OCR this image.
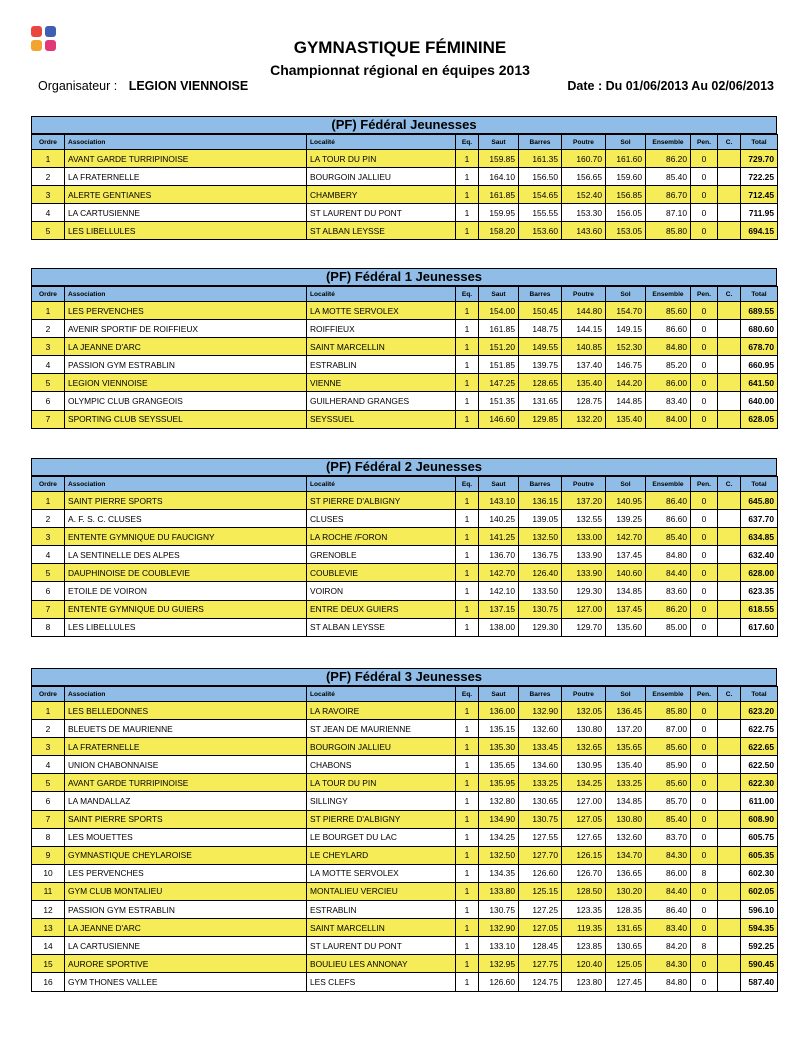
GYMNASTIQUE FÉMININE
Championnat régional en équipes 2013
Organisateur : LEGION VIENNOISE	Date : Du 01/06/2013 Au 02/06/2013
(PF) Fédéral Jeunesses
Ordre	Association	Localité	Eq.	Saut	Barres	Poutre	Sol	Ensemble	Pen.	C.	Total
1	AVANT GARDE TURRIPINOISE	LA TOUR DU PIN	1	159.85	161.35	160.70	161.60	86.20	0		729.70
2	LA FRATERNELLE	BOURGOIN JALLIEU	1	164.10	156.50	156.65	159.60	85.40	0		722.25
3	ALERTE GENTIANES	CHAMBERY	1	161.85	154.65	152.40	156.85	86.70	0		712.45
4	LA CARTUSIENNE	ST LAURENT DU PONT	1	159.95	155.55	153.30	156.05	87.10	0		711.95
5	LES LIBELLULES	ST ALBAN LEYSSE	1	158.20	153.60	143.60	153.05	85.80	0		694.15
(PF) Fédéral 1 Jeunesses
Ordre	Association	Localité	Eq.	Saut	Barres	Poutre	Sol	Ensemble	Pen.	C.	Total
1	LES PERVENCHES	LA MOTTE SERVOLEX	1	154.00	150.45	144.80	154.70	85.60	0		689.55
2	AVENIR SPORTIF DE ROIFFIEUX	ROIFFIEUX	1	161.85	148.75	144.15	149.15	86.60	0		680.60
3	LA JEANNE D'ARC	SAINT MARCELLIN	1	151.20	149.55	140.85	152.30	84.80	0		678.70
4	PASSION GYM ESTRABLIN	ESTRABLIN	1	151.85	139.75	137.40	146.75	85.20	0		660.95
5	LEGION VIENNOISE	VIENNE	1	147.25	128.65	135.40	144.20	86.00	0		641.50
6	OLYMPIC CLUB GRANGEOIS	GUILHERAND GRANGES	1	151.35	131.65	128.75	144.85	83.40	0		640.00
7	SPORTING CLUB SEYSSUEL	SEYSSUEL	1	146.60	129.85	132.20	135.40	84.00	0		628.05
(PF) Fédéral 2 Jeunesses
Ordre	Association	Localité	Eq.	Saut	Barres	Poutre	Sol	Ensemble	Pen.	C.	Total
1	SAINT PIERRE SPORTS	ST PIERRE D'ALBIGNY	1	143.10	136.15	137.20	140.95	86.40	0		645.80
2	A. F. S. C. CLUSES	CLUSES	1	140.25	139.05	132.55	139.25	86.60	0		637.70
3	ENTENTE GYMNIQUE DU FAUCIGNY	LA ROCHE /FORON	1	141.25	132.50	133.00	142.70	85.40	0		634.85
4	LA SENTINELLE DES ALPES	GRENOBLE	1	136.70	136.75	133.90	137.45	84.80	0		632.40
5	DAUPHINOISE DE COUBLEVIE	COUBLEVIE	1	142.70	126.40	133.90	140.60	84.40	0		628.00
6	ETOILE DE VOIRON	VOIRON	1	142.10	133.50	129.30	134.85	83.60	0		623.35
7	ENTENTE GYMNIQUE DU GUIERS	ENTRE DEUX GUIERS	1	137.15	130.75	127.00	137.45	86.20	0		618.55
8	LES LIBELLULES	ST ALBAN LEYSSE	1	138.00	129.30	129.70	135.60	85.00	0		617.60
(PF) Fédéral 3 Jeunesses
Ordre	Association	Localité	Eq.	Saut	Barres	Poutre	Sol	Ensemble	Pen.	C.	Total
1	LES BELLEDONNES	LA RAVOIRE	1	136.00	132.90	132.05	136.45	85.80	0		623.20
2	BLEUETS DE MAURIENNE	ST JEAN DE MAURIENNE	1	135.15	132.60	130.80	137.20	87.00	0		622.75
3	LA FRATERNELLE	BOURGOIN JALLIEU	1	135.30	133.45	132.65	135.65	85.60	0		622.65
4	UNION CHABONNAISE	CHABONS	1	135.65	134.60	130.95	135.40	85.90	0		622.50
5	AVANT GARDE TURRIPINOISE	LA TOUR DU PIN	1	135.95	133.25	134.25	133.25	85.60	0		622.30
6	LA MANDALLAZ	SILLINGY	1	132.80	130.65	127.00	134.85	85.70	0		611.00
7	SAINT PIERRE SPORTS	ST PIERRE D'ALBIGNY	1	134.90	130.75	127.05	130.80	85.40	0		608.90
8	LES MOUETTES	LE BOURGET DU LAC	1	134.25	127.55	127.65	132.60	83.70	0		605.75
9	GYMNASTIQUE CHEYLAROISE	LE CHEYLARD	1	132.50	127.70	126.15	134.70	84.30	0		605.35
10	LES PERVENCHES	LA MOTTE SERVOLEX	1	134.35	126.60	126.70	136.65	86.00	8		602.30
11	GYM CLUB MONTALIEU	MONTALIEU VERCIEU	1	133.80	125.15	128.50	130.20	84.40	0		602.05
12	PASSION GYM ESTRABLIN	ESTRABLIN	1	130.75	127.25	123.35	128.35	86.40	0		596.10
13	LA JEANNE D'ARC	SAINT MARCELLIN	1	132.90	127.05	119.35	131.65	83.40	0		594.35
14	LA CARTUSIENNE	ST LAURENT DU PONT	1	133.10	128.45	123.85	130.65	84.20	8		592.25
15	AURORE SPORTIVE	BOULIEU LES ANNONAY	1	132.95	127.75	120.40	125.05	84.30	0		590.45
16	GYM THONES VALLEE	LES CLEFS	1	126.60	124.75	123.80	127.45	84.80	0		587.40
